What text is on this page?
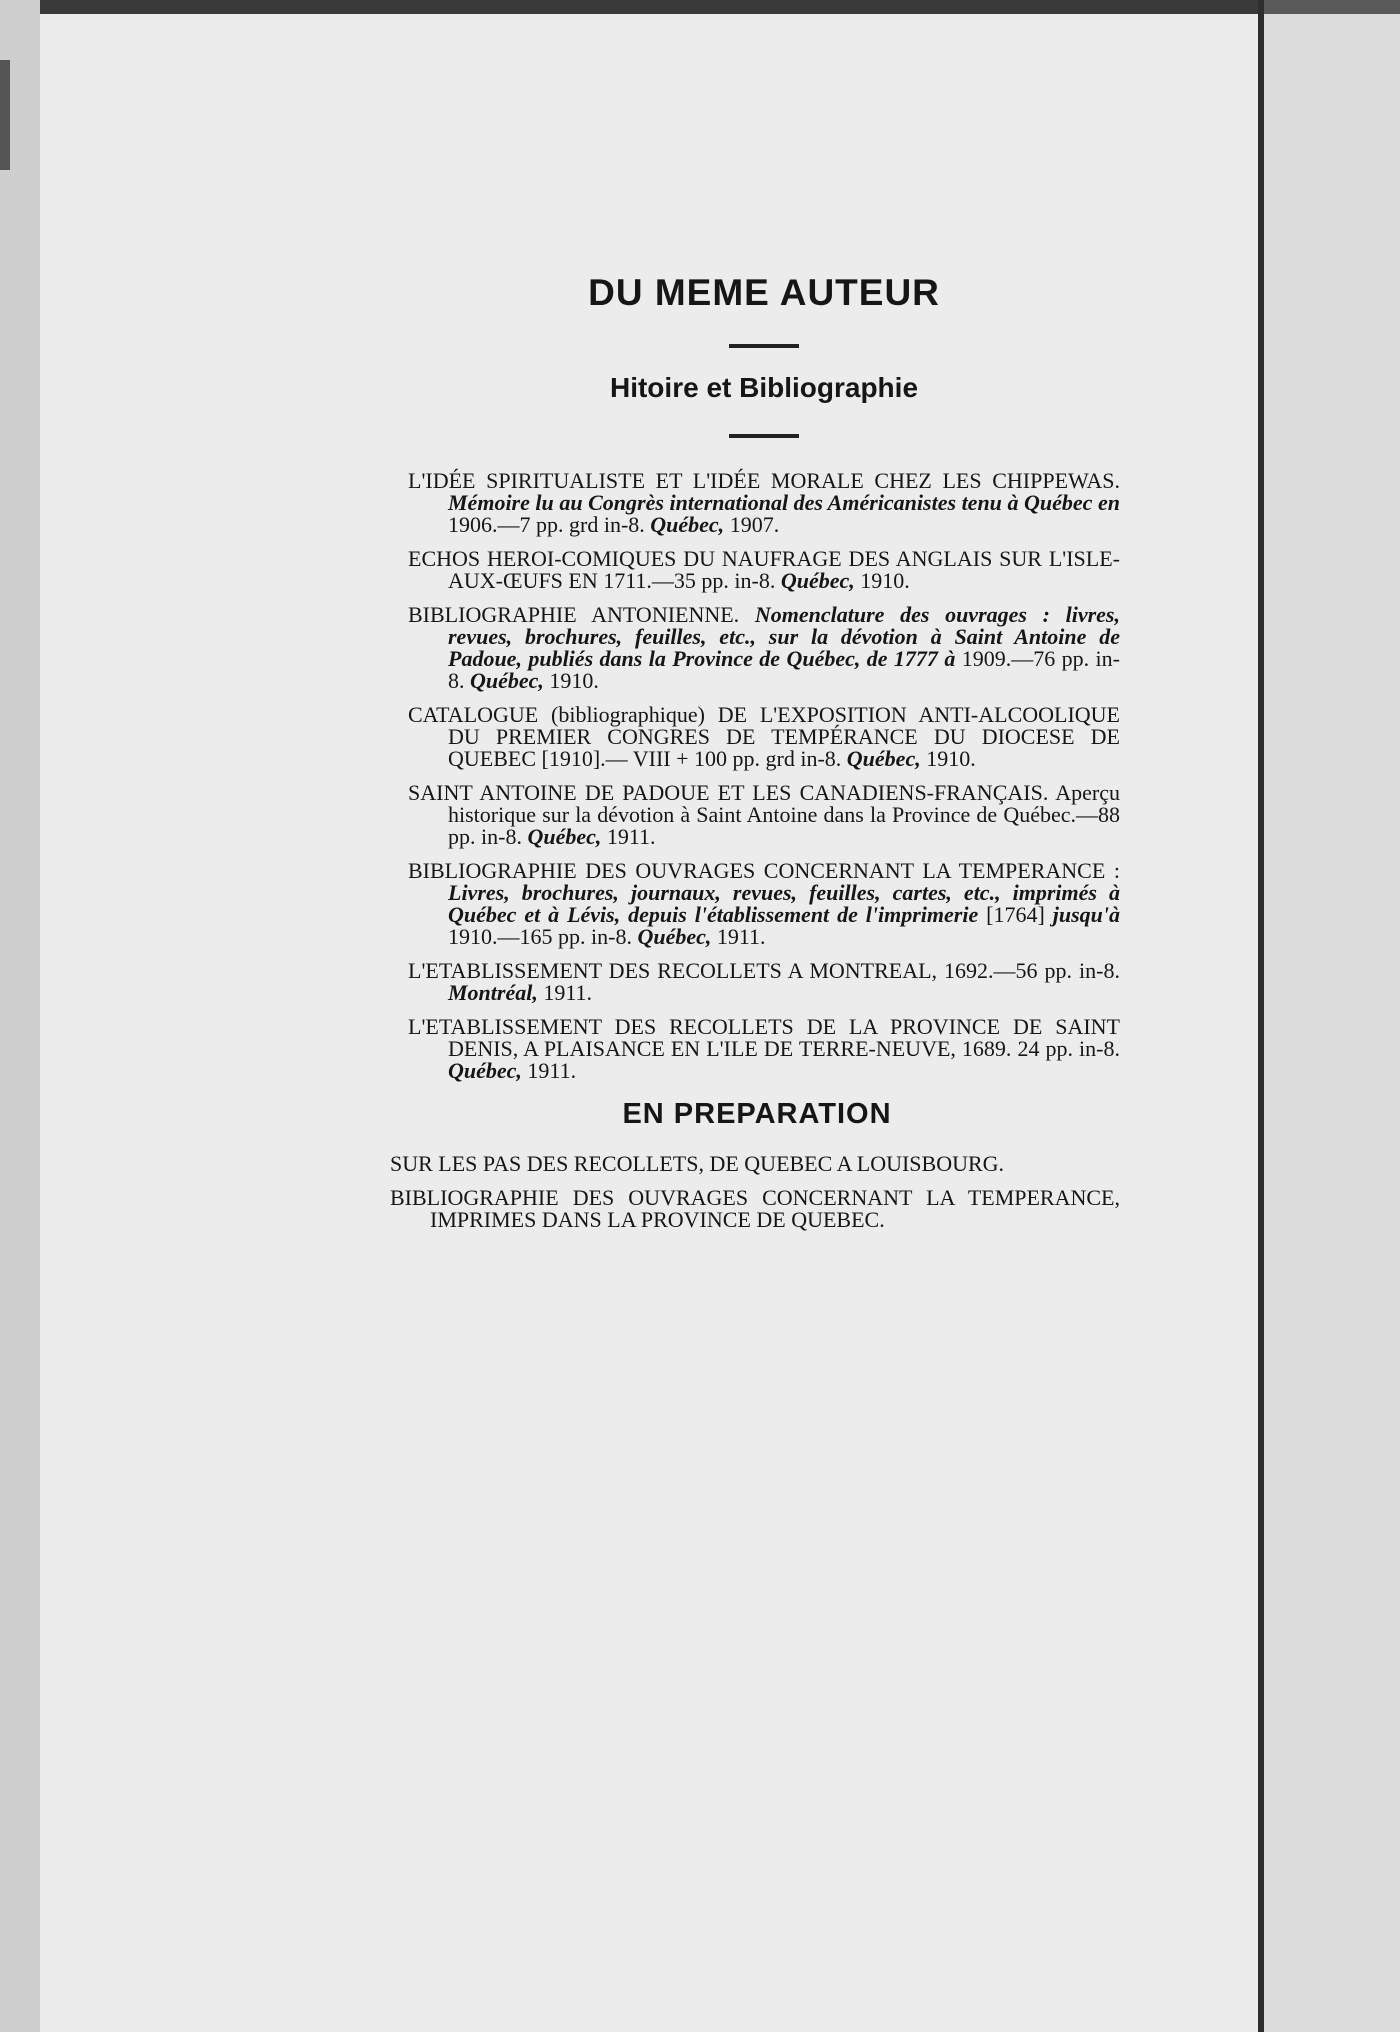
DU MEME AUTEUR
Hitoire et Bibliographie
L'IDÉE SPIRITUALISTE ET L'IDÉE MORALE CHEZ LES CHIPPEWAS. Mémoire lu au Congrès international des Américanistes tenu à Québec en 1906.—7 pp. grd in-8. Québec, 1907.
ECHOS HEROI-COMIQUES DU NAUFRAGE DES ANGLAIS SUR L'ISLE-AUX-ŒUFS EN 1711.—35 pp. in-8. Québec, 1910.
BIBLIOGRAPHIE ANTONIENNE. Nomenclature des ouvrages : livres, revues, brochures, feuilles, etc., sur la dévotion à Saint Antoine de Padoue, publiés dans la Province de Québec, de 1777 à 1909.—76 pp. in-8. Québec, 1910.
CATALOGUE (bibliographique) DE L'EXPOSITION ANTI-ALCOOLIQUE DU PREMIER CONGRES DE TEMPÉRANCE DU DIOCESE DE QUEBEC [1910].— VIII + 100 pp. grd in-8. Québec, 1910.
SAINT ANTOINE DE PADOUE ET LES CANADIENS-FRANÇAIS. Aperçu historique sur la dévotion à Saint Antoine dans la Province de Québec.—88 pp. in-8. Québec, 1911.
BIBLIOGRAPHIE DES OUVRAGES CONCERNANT LA TEMPERANCE : Livres, brochures, journaux, revues, feuilles, cartes, etc., imprimés à Québec et à Lévis, depuis l'établissement de l'imprimerie [1764] jusqu'à 1910.—165 pp. in-8. Québec, 1911.
L'ETABLISSEMENT DES RECOLLETS A MONTREAL, 1692.—56 pp. in-8. Montréal, 1911.
L'ETABLISSEMENT DES RECOLLETS DE LA PROVINCE DE SAINT DENIS, A PLAISANCE EN L'ILE DE TERRE-NEUVE, 1689. 24 pp. in-8. Québec, 1911.
EN PREPARATION
SUR LES PAS DES RECOLLETS, DE QUEBEC A LOUISBOURG.
BIBLIOGRAPHIE DES OUVRAGES CONCERNANT LA TEMPERANCE, IMPRIMES DANS LA PROVINCE DE QUEBEC.
